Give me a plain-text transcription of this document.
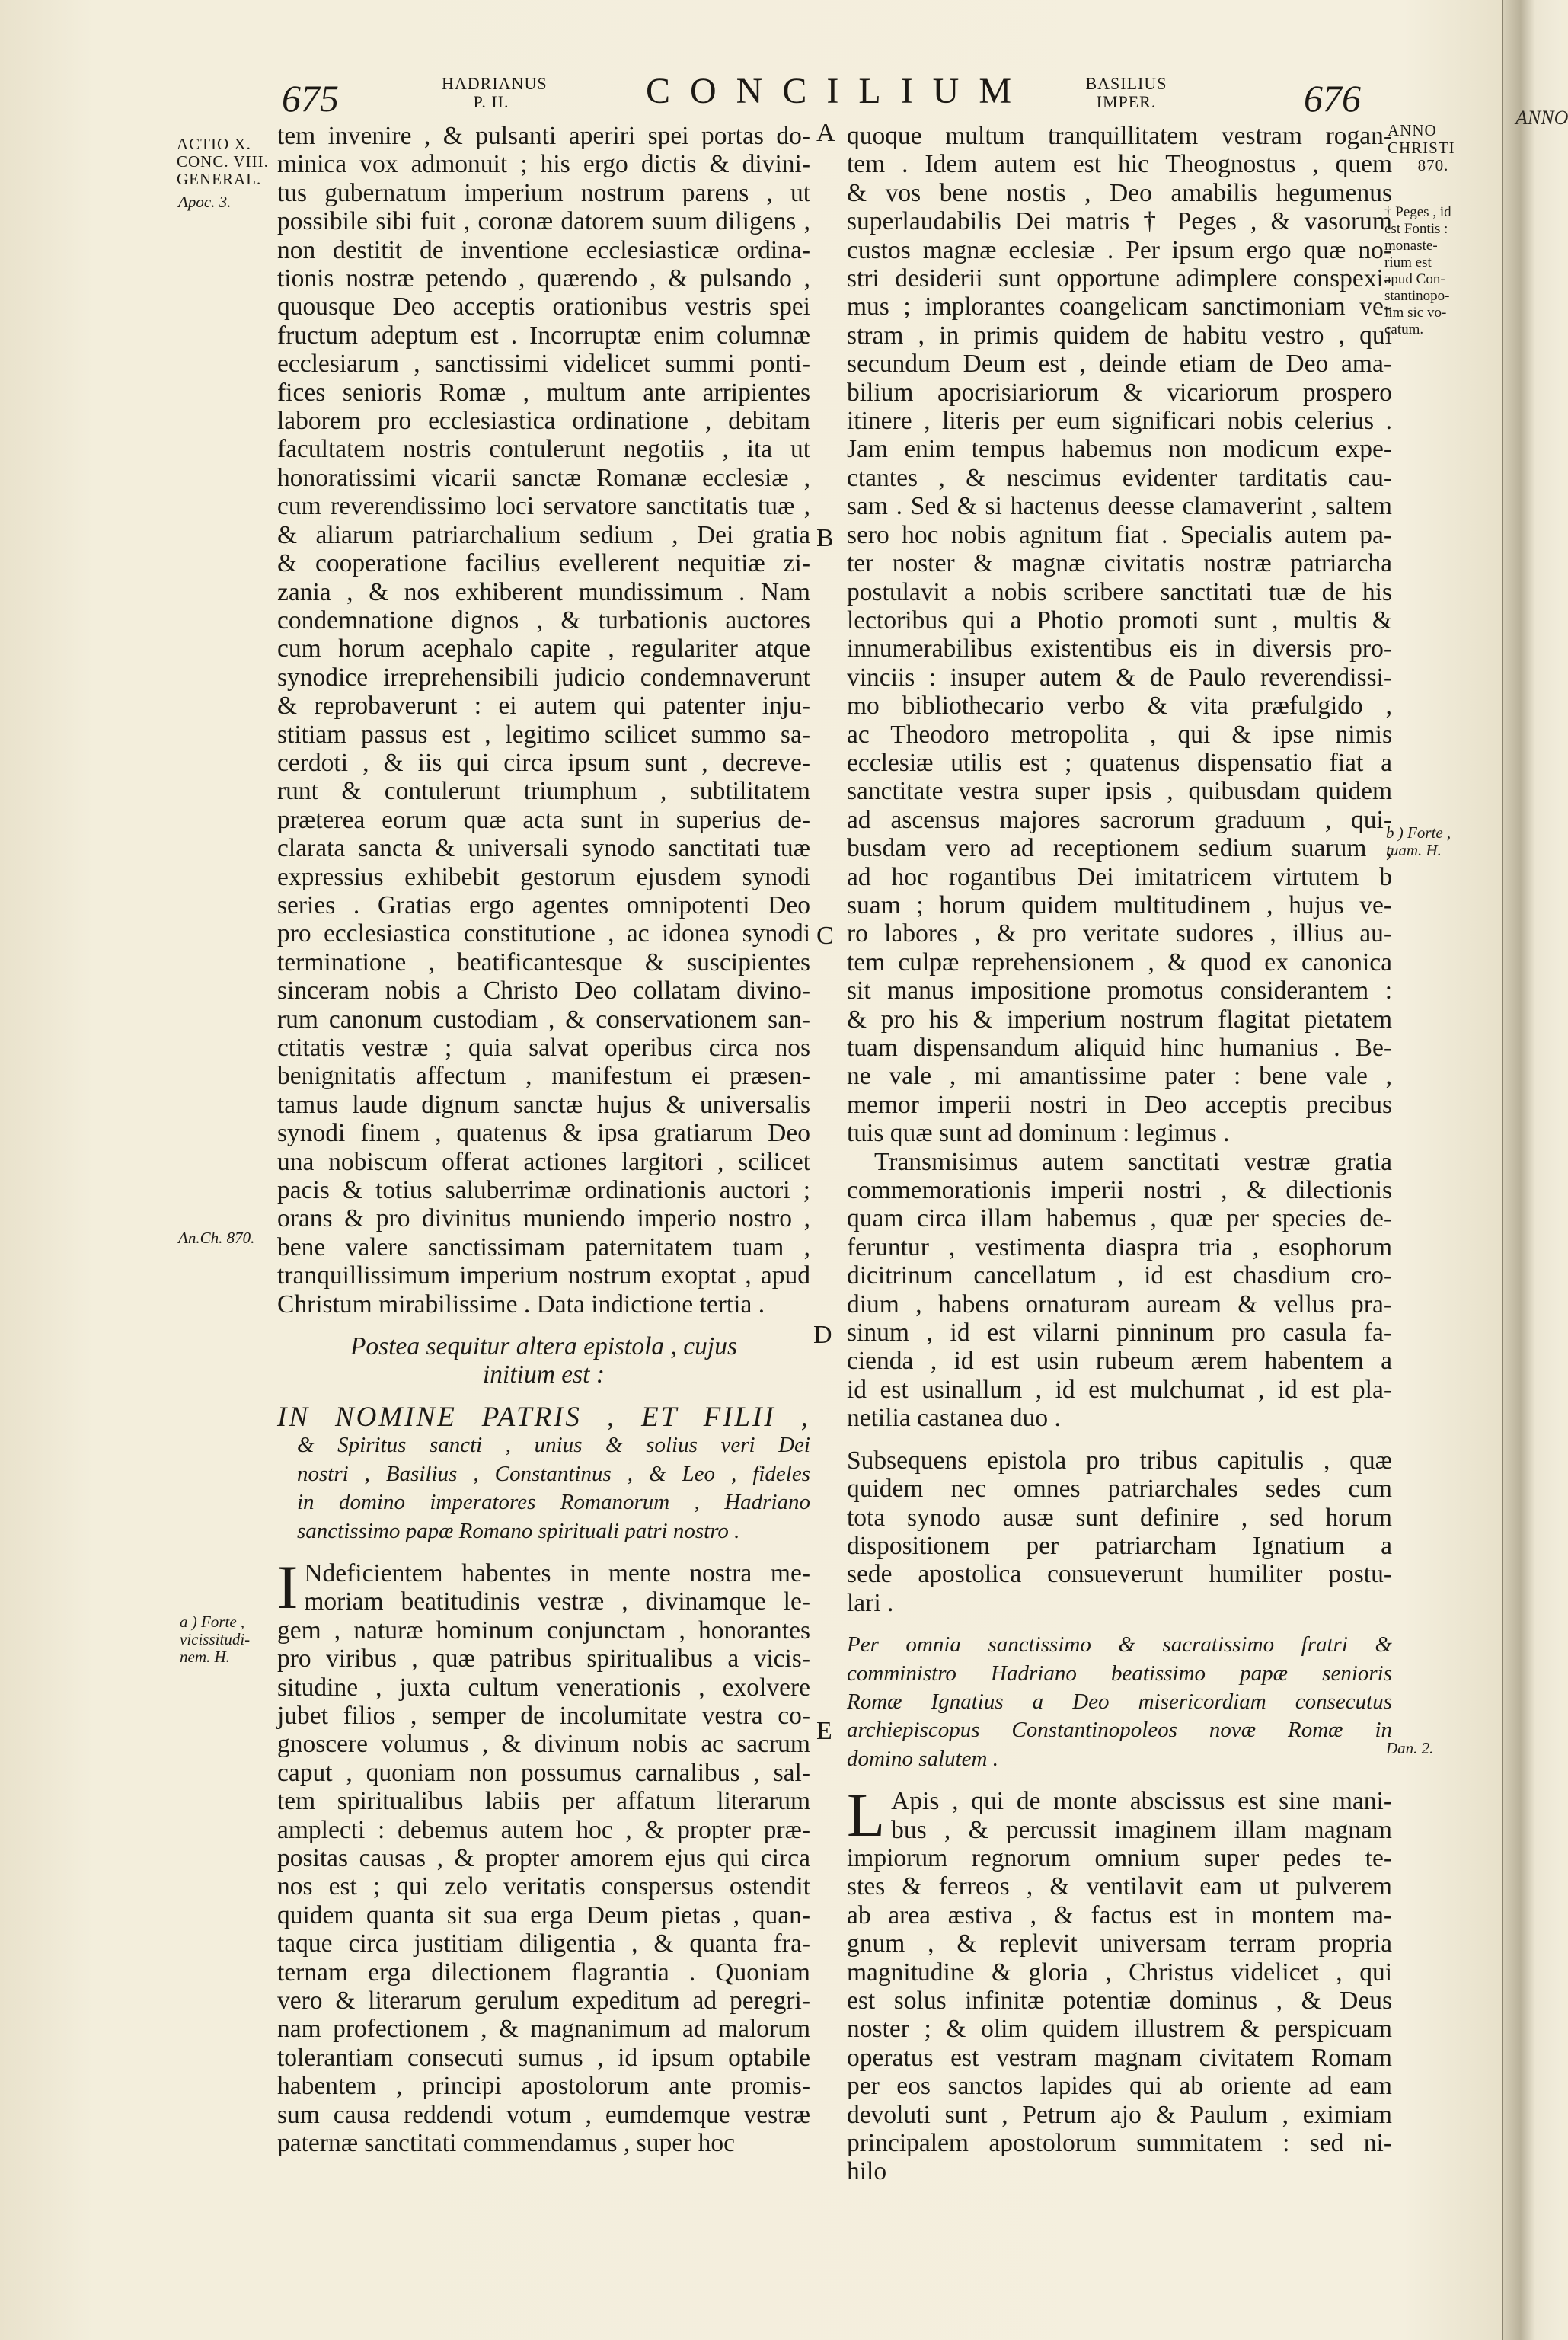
675	HADRIANUS
P. II.	CONCILIUM	BASILIUS
IMPER.	676
ACTIO X.
CONC. VIII.
GENERAL.
Apoc. 3.
An.Ch. 870.
a ) Forte ,
vicissitudi-
nem. H.
ANNO
CHRISTI
870.
† Peges , id
est Fontis :
monaste-
rium est
apud Con-
stantinopo-
lim sic vo-
catum.
b ) Forte ,
tuam. H.
Dan. 2.
A
B
C
D
E
tem invenire , & pulsanti aperiri spei portas do-
minica vox admonuit ; his ergo dictis & divini-
tus gubernatum imperium nostrum parens , ut
possibile sibi fuit , coronæ datorem suum diligens ,
non destitit de inventione ecclesiasticæ ordina-
tionis nostræ petendo , quærendo , & pulsando ,
quousque Deo acceptis orationibus vestris spei
fructum adeptum est . Incorruptæ enim columnæ
ecclesiarum , sanctissimi videlicet summi ponti-
fices senioris Romæ , multum ante arripientes
laborem pro ecclesiastica ordinatione , debitam
facultatem nostris contulerunt negotiis , ita ut
honoratissimi vicarii sanctæ Romanæ ecclesiæ ,
cum reverendissimo loci servatore sanctitatis tuæ ,
& aliarum patriarchalium sedium , Dei gratia
& cooperatione facilius evellerent nequitiæ zi-
zania , & nos exhiberent mundissimum . Nam
condemnatione dignos , & turbationis auctores
cum horum acephalo capite , regulariter atque
synodice irreprehensibili judicio condemnaverunt
& reprobaverunt : ei autem qui patenter inju-
stitiam passus est , legitimo scilicet summo sa-
cerdoti , & iis qui circa ipsum sunt , decreve-
runt & contulerunt triumphum , subtilitatem
præterea eorum quæ acta sunt in superius de-
clarata sancta & universali synodo sanctitati tuæ
expressius exhibebit gestorum ejusdem synodi
series . Gratias ergo agentes omnipotenti Deo
pro ecclesiastica constitutione , ac idonea synodi
terminatione , beatificantesque & suscipientes
sinceram nobis a Christo Deo collatam divino-
rum canonum custodiam , & conservationem san-
ctitatis vestræ ; quia salvat operibus circa nos
benignitatis affectum , manifestum ei præsen-
tamus laude dignum sanctæ hujus & universalis
synodi finem , quatenus & ipsa gratiarum Deo
una nobiscum offerat actiones largitori , scilicet
pacis & totius saluberrimæ ordinationis auctori ;
orans & pro divinitus muniendo imperio nostro ,
bene valere sanctissimam paternitatem tuam ,
tranquillissimum imperium nostrum exoptat , apud
Christum mirabilissime . Data indictione tertia .
Postea sequitur altera epistola , cujus
initium est :
IN NOMINE PATRIS , ET FILII ,
& Spiritus sancti , unius & solius veri Dei
nostri , Basilius , Constantinus , & Leo , fideles
in domino imperatores Romanorum , Hadriano
sanctissimo papæ Romano spirituali patri nostro .
I Ndeficientem habentes in mente nostra me-
moriam beatitudinis vestræ , divinamque le-
gem , naturæ hominum conjunctam , honorantes
pro viribus , quæ patribus spiritualibus a vicis-
situdine , juxta cultum venerationis , exolvere
jubet filios , semper de incolumitate vestra co-
gnoscere volumus , & divinum nobis ac sacrum
caput , quoniam non possumus carnalibus , sal-
tem spiritualibus labiis per affatum literarum
amplecti : debemus autem hoc , & propter præ-
positas causas , & propter amorem ejus qui circa
nos est ; qui zelo veritatis conspersus ostendit
quidem quanta sit sua erga Deum pietas , quan-
taque circa justitiam diligentia , & quanta fra-
ternam erga dilectionem flagrantia . Quoniam
vero & literarum gerulum expeditum ad peregri-
nam profectionem , & magnanimum ad malorum
tolerantiam consecuti sumus , id ipsum optabile
habentem , principi apostolorum ante promis-
sum causa reddendi votum , eumdemque vestræ
paternæ sanctitati commendamus , super hoc
quoque multum tranquillitatem vestram rogan-
tem . Idem autem est hic Theognostus , quem
& vos bene nostis , Deo amabilis hegumenus
superlaudabilis Dei matris † Peges , & vasorum
custos magnæ ecclesiæ . Per ipsum ergo quæ no-
stri desiderii sunt opportune adimplere conspexi-
mus ; implorantes coangelicam sanctimoniam ve-
stram , in primis quidem de habitu vestro , qui
secundum Deum est , deinde etiam de Deo ama-
bilium apocrisiariorum & vicariorum prospero
itinere , literis per eum significari nobis celerius .
Jam enim tempus habemus non modicum expe-
ctantes , & nescimus evidenter tarditatis cau-
sam . Sed & si hactenus deesse clamaverint , saltem
sero hoc nobis agnitum fiat . Specialis autem pa-
ter noster & magnæ civitatis nostræ patriarcha
postulavit a nobis scribere sanctitati tuæ de his
lectoribus qui a Photio promoti sunt , multis &
innumerabilibus existentibus eis in diversis pro-
vinciis : insuper autem & de Paulo reverendissi-
mo bibliothecario verbo & vita præfulgido ,
ac Theodoro metropolita , qui & ipse nimis
ecclesiæ utilis est ; quatenus dispensatio fiat a
sanctitate vestra super ipsis , quibusdam quidem
ad ascensus majores sacrorum graduum , qui-
busdam vero ad receptionem sedium suarum ,
ad hoc rogantibus Dei imitatricem virtutem b
suam ; horum quidem multitudinem , hujus ve-
ro labores , & pro veritate sudores , illius au-
tem culpæ reprehensionem , & quod ex canonica
sit manus impositione promotus considerantem :
& pro his & imperium nostrum flagitat pietatem
tuam dispensandum aliquid hinc humanius . Be-
ne vale , mi amantissime pater : bene vale ,
memor imperii nostri in Deo acceptis precibus
tuis quæ sunt ad dominum : legimus .
Transmisimus autem sanctitati vestræ gratia
commemorationis imperii nostri , & dilectionis
quam circa illam habemus , quæ per species de-
feruntur , vestimenta diaspra tria , esophorum
dicitrinum cancellatum , id est chasdium cro-
dium , habens ornaturam auream & vellus pra-
sinum , id est vilarni pinninum pro casula fa-
cienda , id est usin rubeum ærem habentem a
id est usinallum , id est mulchumat , id est pla-
netilia castanea duo .
Subsequens epistola pro tribus capitulis , quæ
quidem nec omnes patriarchales sedes cum
tota synodo ausæ sunt definire , sed horum
dispositionem per patriarcham Ignatium a
sede apostolica consueverunt humiliter postu-
lari .
Per omnia sanctissimo & sacratissimo fratri &
comministro Hadriano beatissimo papæ senioris
Romæ Ignatius a Deo misericordiam consecutus
archiepiscopus Constantinopoleos novæ Romæ in
domino salutem .
L Apis , qui de monte abscissus est sine mani-
bus , & percussit imaginem illam magnam
impiorum regnorum omnium super pedes te-
stes & ferreos , & ventilavit eam ut pulverem
ab area æstiva , & factus est in montem ma-
gnum , & replevit universam terram propria
magnitudine & gloria , Christus videlicet , qui
est solus infinitæ potentiæ dominus , & Deus
noster ; & olim quidem illustrem & perspicuam
operatus est vestram magnam civitatem Romam
per eos sanctos lapides qui ab oriente ad eam
devoluti sunt , Petrum ajo & Paulum , eximiam
principalem apostolorum summitatem : sed ni-
hilo
ANNO
